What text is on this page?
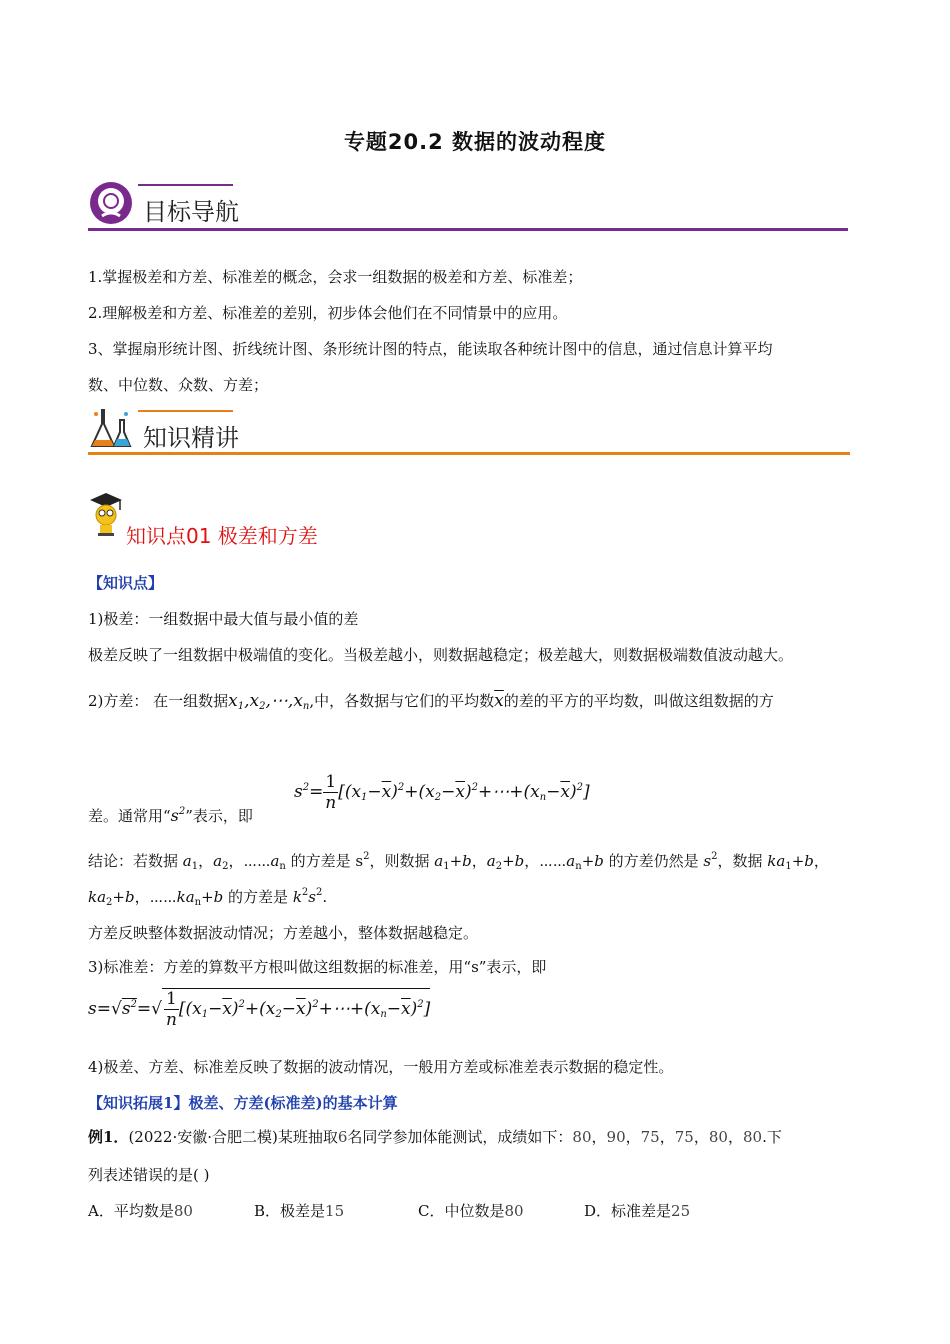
专题20.2 数据的波动程度
目标导航
1.掌握极差和方差、标准差的概念，会求一组数据的极差和方差、标准差；
2.理解极差和方差、标准差的差别，初步体会他们在不同情景中的应用。
3、掌握扇形统计图、折线统计图、条形统计图的特点，能读取各种统计图中的信息，通过信息计算平均
数、中位数、众数、方差；
知识精讲
知识点01 极差和方差
【知识点】
1)极差：一组数据中最大值与最小值的差
极差反映了一组数据中极端值的变化。当极差越小，则数据越稳定；极差越大，则数据极端数值波动越大。
2)方差： 在一组数据$x_1,x_2,\cdots,x_n$,中，各数据与它们的平均数$\overline{x}$的差的平方的平均数，叫做这组数据的方
差。通常用“$s^2$”表示，即
$s^2= \frac{1}{n}$ $[(x_1-\overline{x})^2+(x_2-\overline{x})^2+\cdots+(x_n-\overline{x})^2]$
结论：若数据 $a_1$，$a_2$，$\cdots\cdots a_n$ 的方差是 $s^2$，则数据 $a_1+b$，$a_2+b$，$\cdots\cdots a_n+b$ 的方差仍然是 $s^2$，数据 $ka_1+b$，
$ka_2+b$，$\cdots\cdots ka_n+b$ 的方差是 $k^2s^2$.
方差反映整体数据波动情况；方差越小，整体数据越稳定。
3)标准差：方差的算数平方根叫做这组数据的标准差，用“s”表示，即
$s=√s^2=√ \frac{1}{n}$ $[(x_1-\overline{x})^2+(x_2-\overline{x})^2+\cdots+(x_n-\overline{x})^2]$
4)极差、方差、标准差反映了数据的波动情况，一般用方差或标准差表示数据的稳定性。
【知识拓展1】极差、方差(标准差)的基本计算
例1．(2022·安徽·合肥二模)某班抽取6名同学参加体能测试，成绩如下：80，90，75，75，80，80.下
列表述错误的是( )
A．平均数是80	B．极差是15	C．中位数是80	D．标准差是25
